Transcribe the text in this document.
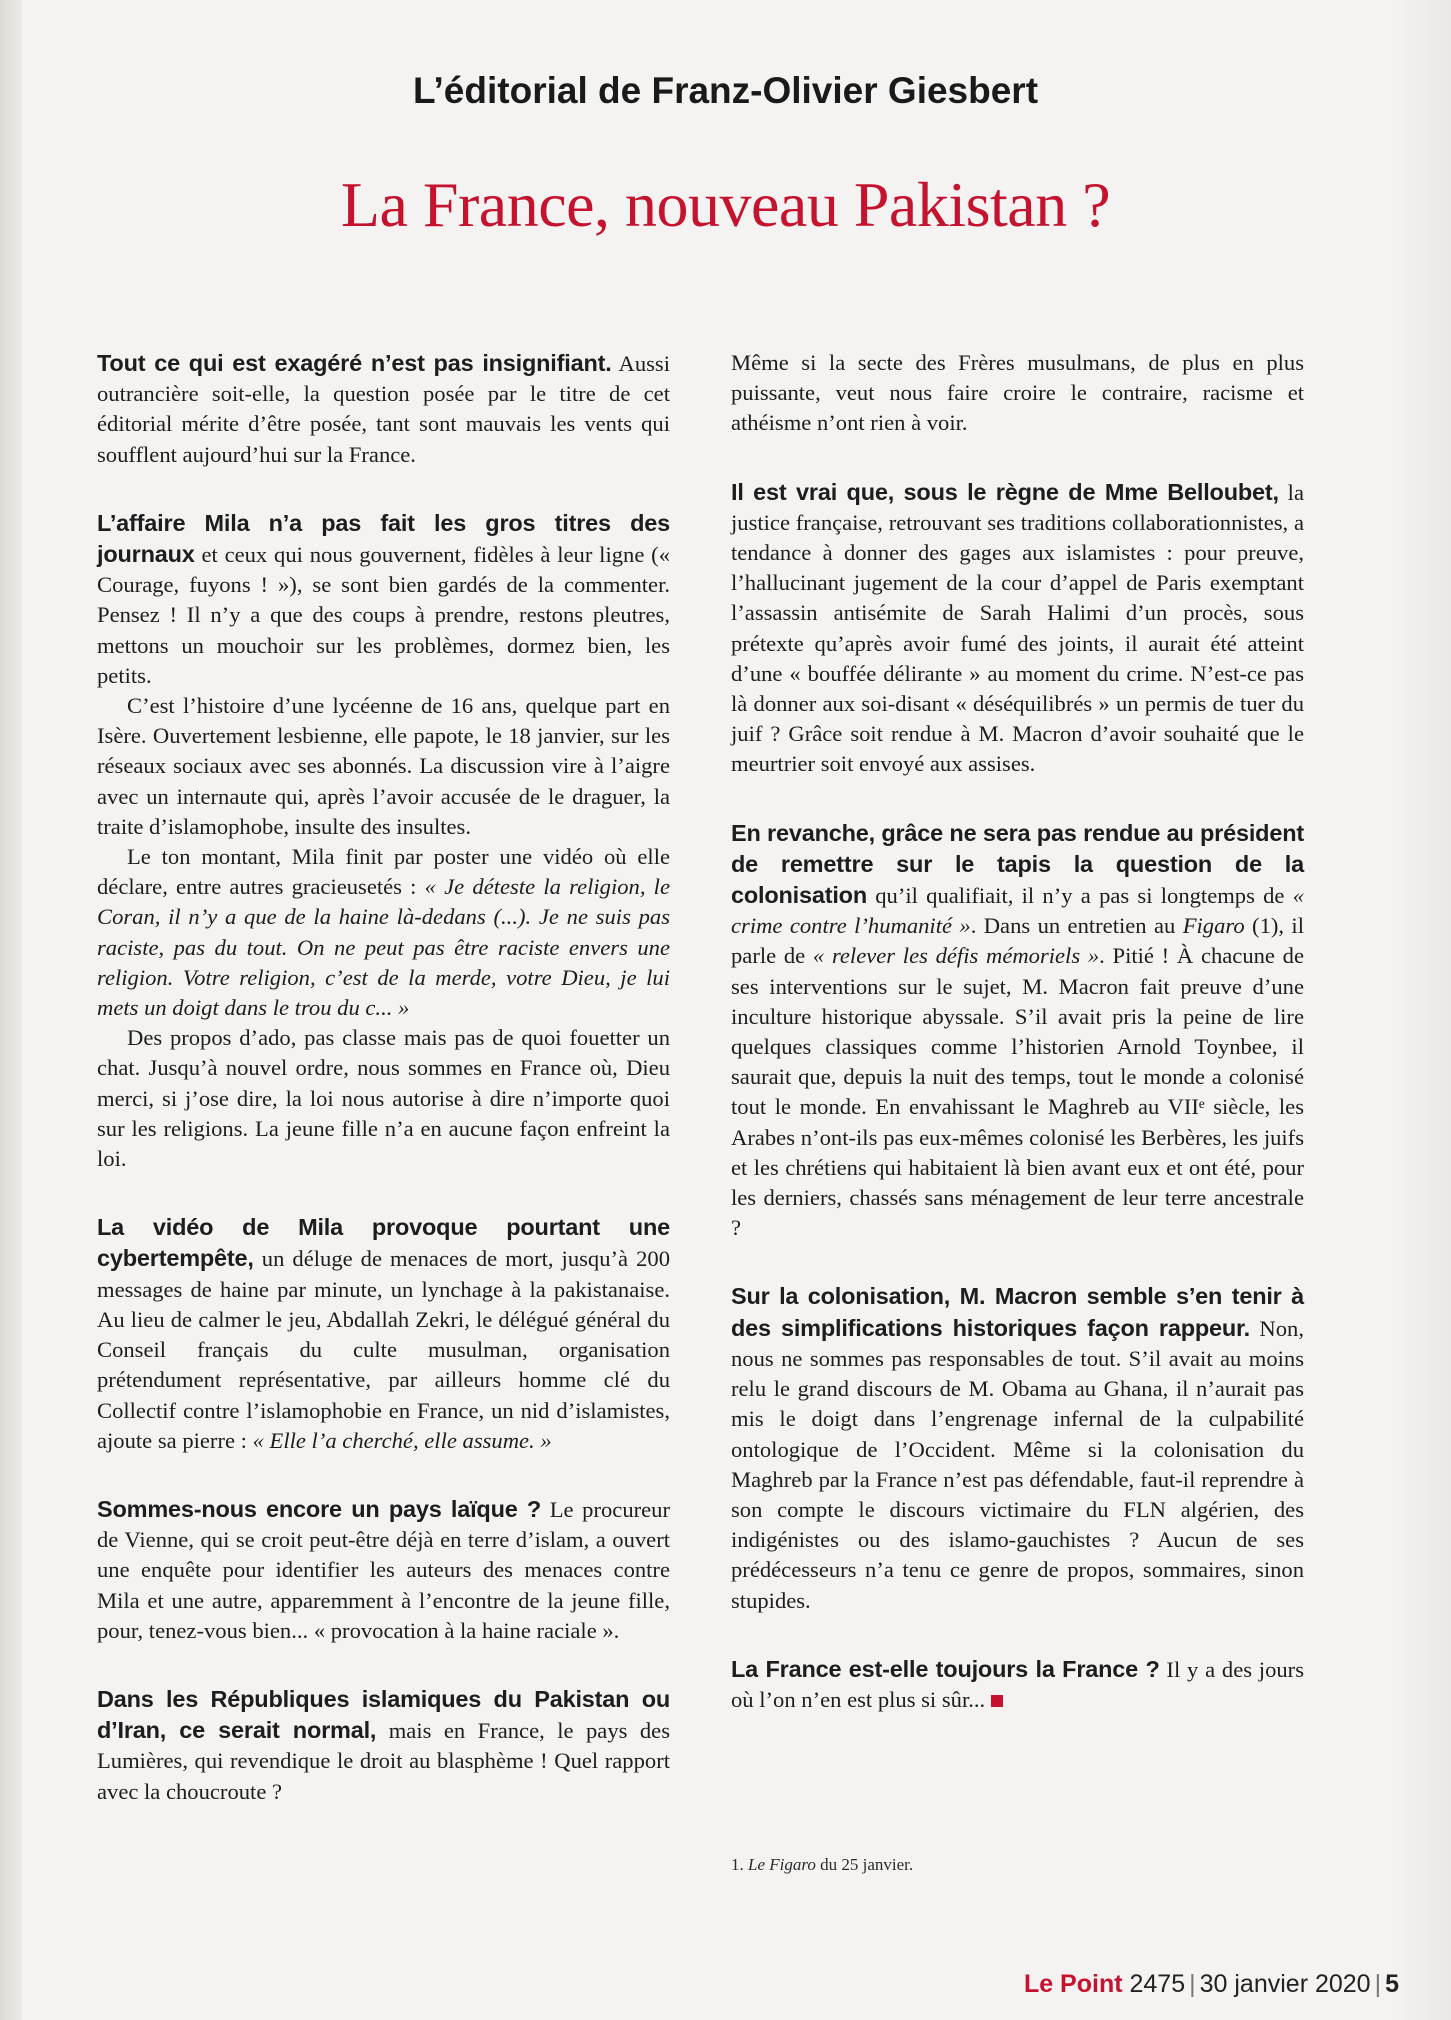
L’éditorial de Franz-Olivier Giesbert
La France, nouveau Pakistan ?

Tout ce qui est exagéré n’est pas insignifiant. Aussi outrancière soit-elle, la question posée par le titre de cet éditorial mérite d’être posée, tant sont mauvais les vents qui soufflent aujourd’hui sur la France.

L’affaire Mila n’a pas fait les gros titres des journaux et ceux qui nous gouvernent, fidèles à leur ligne (« Courage, fuyons ! »), se sont bien gardés de la commenter. Pensez ! Il n’y a que des coups à prendre, restons pleutres, mettons un mouchoir sur les problèmes, dormez bien, les petits.

C’est l’histoire d’une lycéenne de 16 ans, quelque part en Isère. Ouvertement lesbienne, elle papote, le 18 janvier, sur les réseaux sociaux avec ses abonnés. La discussion vire à l’aigre avec un internaute qui, après l’avoir accusée de le draguer, la traite d’islamophobe, insulte des insultes.

Le ton montant, Mila finit par poster une vidéo où elle déclare, entre autres gracieusetés : « Je déteste la religion, le Coran, il n’y a que de la haine là-dedans (...). Je ne suis pas raciste, pas du tout. On ne peut pas être raciste envers une religion. Votre religion, c’est de la merde, votre Dieu, je lui mets un doigt dans le trou du c... »

Des propos d’ado, pas classe mais pas de quoi fouetter un chat. Jusqu’à nouvel ordre, nous sommes en France où, Dieu merci, si j’ose dire, la loi nous autorise à dire n’importe quoi sur les religions. La jeune fille n’a en aucune façon enfreint la loi.

La vidéo de Mila provoque pourtant une cybertempête, un déluge de menaces de mort, jusqu’à 200 messages de haine par minute, un lynchage à la pakistanaise. Au lieu de calmer le jeu, Abdallah Zekri, le délégué général du Conseil français du culte musulman, organisation prétendument représentative, par ailleurs homme clé du Collectif contre l’islamophobie en France, un nid d’islamistes, ajoute sa pierre : « Elle l’a cherché, elle assume. »

Sommes-nous encore un pays laïque ? Le procureur de Vienne, qui se croit peut-être déjà en terre d’islam, a ouvert une enquête pour identifier les auteurs des menaces contre Mila et une autre, apparemment à l’encontre de la jeune fille, pour, tenez-vous bien... « provocation à la haine raciale ».

Dans les Républiques islamiques du Pakistan ou d’Iran, ce serait normal, mais en France, le pays des Lumières, qui revendique le droit au blasphème ! Quel rapport avec la choucroute ?

Même si la secte des Frères musulmans, de plus en plus puissante, veut nous faire croire le contraire, racisme et athéisme n’ont rien à voir.

Il est vrai que, sous le règne de Mme Belloubet, la justice française, retrouvant ses traditions collaborationnistes, a tendance à donner des gages aux islamistes : pour preuve, l’hallucinant jugement de la cour d’appel de Paris exemptant l’assassin antisémite de Sarah Halimi d’un procès, sous prétexte qu’après avoir fumé des joints, il aurait été atteint d’une « bouffée délirante » au moment du crime. N’est-ce pas là donner aux soi-disant « déséquilibrés » un permis de tuer du juif ? Grâce soit rendue à M. Macron d’avoir souhaité que le meurtrier soit envoyé aux assises.

En revanche, grâce ne sera pas rendue au président de remettre sur le tapis la question de la colonisation qu’il qualifiait, il n’y a pas si longtemps de « crime contre l’humanité ». Dans un entretien au Figaro (1), il parle de « relever les défis mémoriels ». Pitié ! À chacune de ses interventions sur le sujet, M. Macron fait preuve d’une inculture historique abyssale. S’il avait pris la peine de lire quelques classiques comme l’historien Arnold Toynbee, il saurait que, depuis la nuit des temps, tout le monde a colonisé tout le monde. En envahissant le Maghreb au VIIᵉ siècle, les Arabes n’ont-ils pas eux-mêmes colonisé les Berbères, les juifs et les chrétiens qui habitaient là bien avant eux et ont été, pour les derniers, chassés sans ménagement de leur terre ancestrale ?

Sur la colonisation, M. Macron semble s’en tenir à des simplifications historiques façon rappeur. Non, nous ne sommes pas responsables de tout. S’il avait au moins relu le grand discours de M. Obama au Ghana, il n’aurait pas mis le doigt dans l’engrenage infernal de la culpabilité ontologique de l’Occident. Même si la colonisation du Maghreb par la France n’est pas défendable, faut-il reprendre à son compte le discours victimaire du FLN algérien, des indigénistes ou des islamo-gauchistes ? Aucun de ses prédécesseurs n’a tenu ce genre de propos, sommaires, sinon stupides.

La France est-elle toujours la France ? Il y a des jours où l’on n’en est plus si sûr...

1. Le Figaro du 25 janvier.

Le Point 2475 | 30 janvier 2020 | 5
